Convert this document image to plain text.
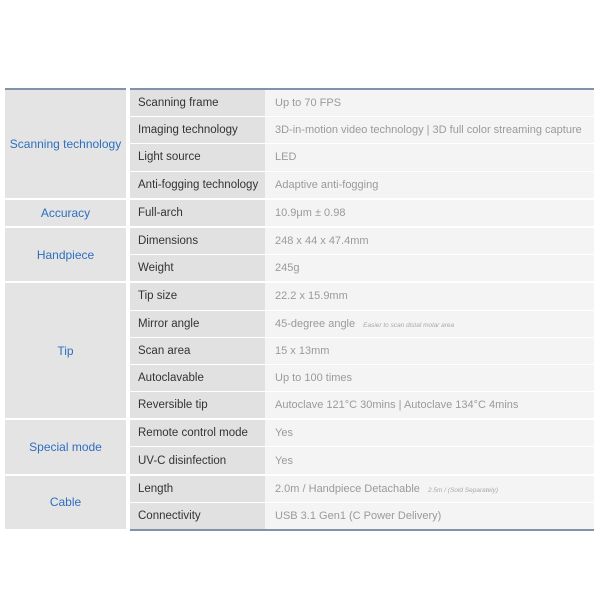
Scanning technology	Scanning frame	Up to 70 FPS
	Imaging technology	3D-in-motion video technology | 3D full color streaming capture
	Light source	LED
	Anti-fogging technology	Adaptive anti-fogging
Accuracy	Full-arch	10.9μm ± 0.98
Handpiece	Dimensions	248 x 44 x 47.4mm
	Weight	245g
Tip	Tip size	22.2 x 15.9mm
	Mirror angle	45-degree angle Easier to scan distal molar area
	Scan area	15 x 13mm
	Autoclavable	Up to 100 times
	Reversible tip	Autoclave 121°C 30mins | Autoclave 134°C 4mins
Special mode	Remote control mode	Yes
	UV-C disinfection	Yes
Cable	Length	2.0m / Handpiece Detachable 2.5m / (Sold Separately)
	Connectivity	USB 3.1 Gen1 (C Power Delivery)
